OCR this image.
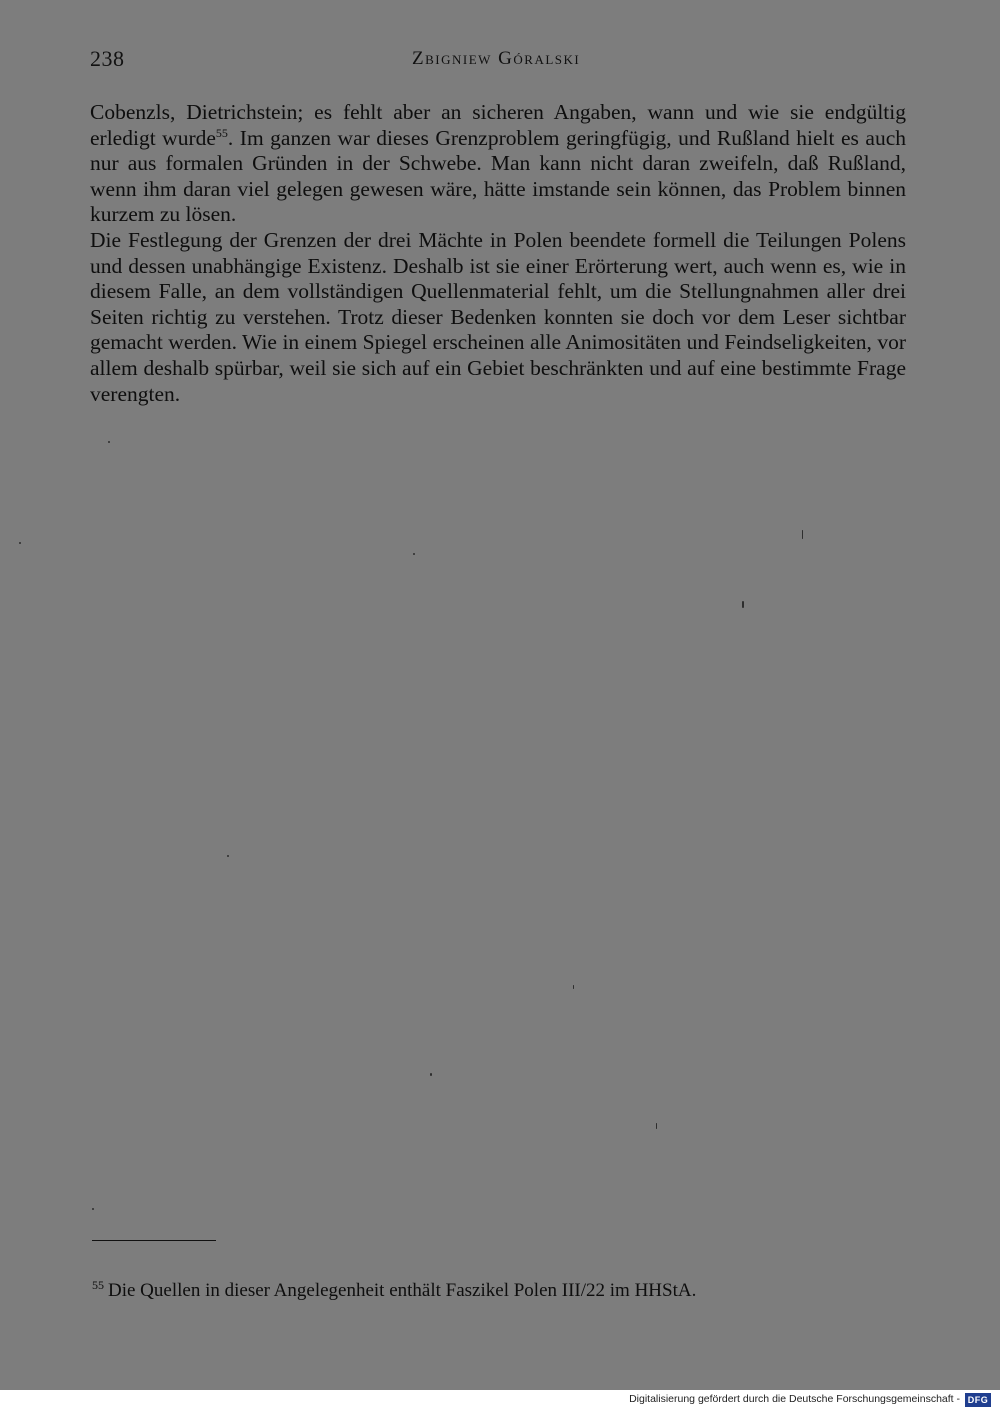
238	Zbigniew Góralski

Cobenzls, Dietrichstein; es fehlt aber an sicheren Angaben, wann und wie sie endgültig erledigt wurde$^{55}$. Im ganzen war dieses Grenzproblem geringfügig, und Rußland hielt es auch nur aus formalen Gründen in der Schwebe. Man kann nicht daran zweifeln, daß Rußland, wenn ihm daran viel gelegen gewesen wäre, hätte imstande sein können, das Problem binnen kurzem zu lösen.

Die Festlegung der Grenzen der drei Mächte in Polen beendete formell die Teilungen Polens und dessen unabhängige Existenz. Deshalb ist sie einer Erörterung wert, auch wenn es, wie in diesem Falle, an dem vollständigen Quellenmaterial fehlt, um die Stellungnahmen aller drei Seiten richtig zu verstehen. Trotz dieser Bedenken konnten sie doch vor dem Leser sichtbar gemacht werden. Wie in einem Spiegel erscheinen alle Animositäten und Feindseligkeiten, vor allem deshalb spürbar, weil sie sich auf ein Gebiet beschränkten und auf eine bestimmte Frage verengten.

$^{55}$ Die Quellen in dieser Angelegenheit enthält Faszikel Polen III/22 im HHStA.
Digitalisierung gefördert durch die Deutsche Forschungsgemeinschaft - DFG
